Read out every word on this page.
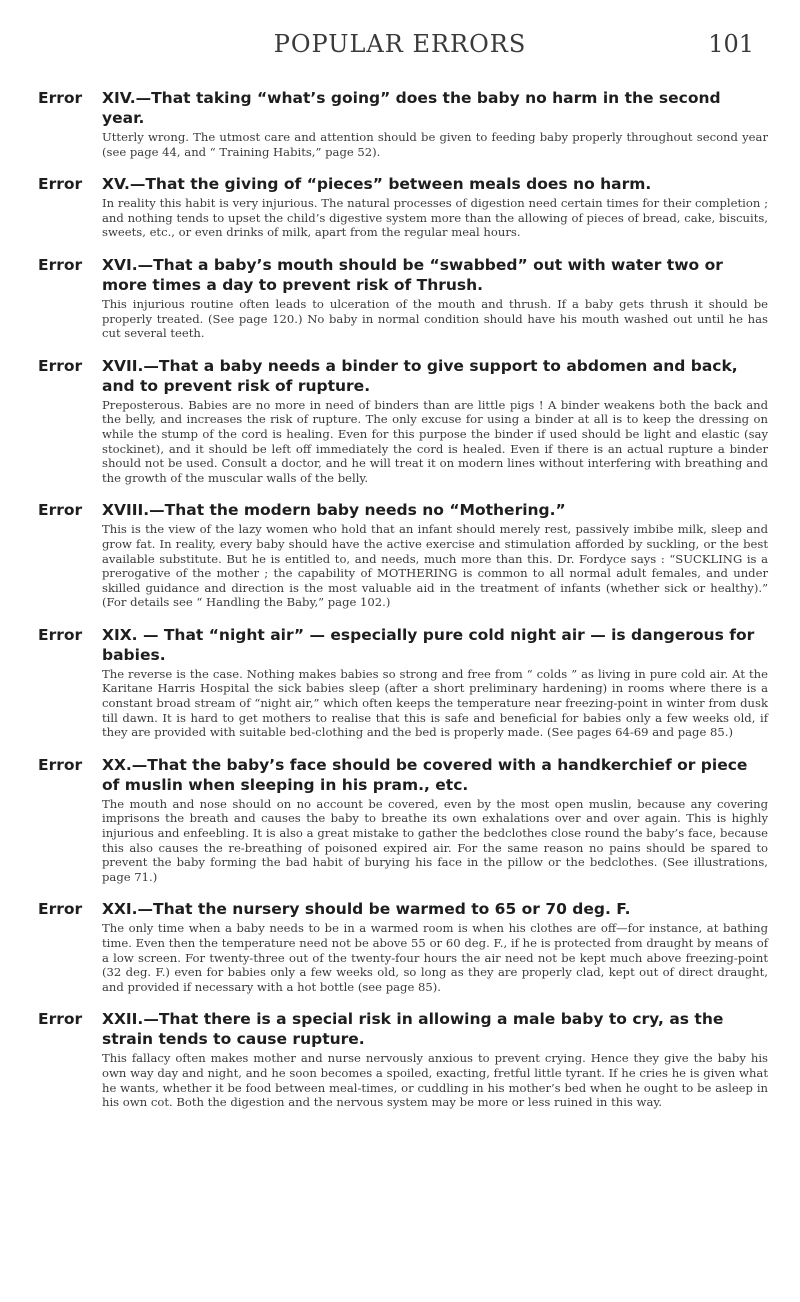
POPULAR ERRORS	101
Error	XIV.—That taking “what’s going” does the baby no harm in the second year.
Utterly wrong. The utmost care and attention should be given to feeding baby properly throughout second year (see page 44, and “ Training Habits,” page 52).
Error	XV.—That the giving of “pieces” between meals does no harm.
In reality this habit is very injurious. The natural processes of digestion need certain times for their completion ; and nothing tends to upset the child’s digestive system more than the allowing of pieces of bread, cake, biscuits, sweets, etc., or even drinks of milk, apart from the regular meal hours.
Error	XVI.—That a baby’s mouth should be “swabbed” out with water two or more times a day to prevent risk of Thrush.
This injurious routine often leads to ulceration of the mouth and thrush. If a baby gets thrush it should be properly treated. (See page 120.) No baby in normal condition should have his mouth washed out until he has cut several teeth.
Error	XVII.—That a baby needs a binder to give support to abdomen and back, and to prevent risk of rupture.
Preposterous. Babies are no more in need of binders than are little pigs ! A binder weakens both the back and the belly, and increases the risk of rupture. The only excuse for using a binder at all is to keep the dressing on while the stump of the cord is healing. Even for this purpose the binder if used should be light and elastic (say stockinet), and it should be left off immediately the cord is healed. Even if there is an actual rupture a binder should not be used. Consult a doctor, and he will treat it on modern lines without interfering with breathing and the growth of the muscular walls of the belly.
Error	XVIII.—That the modern baby needs no “Mothering.”
This is the view of the lazy women who hold that an infant should merely rest, passively imbibe milk, sleep and grow fat. In reality, every baby should have the active exercise and stimulation afforded by suckling, or the best available substitute. But he is entitled to, and needs, much more than this. Dr. Fordyce says : “SUCKLING is a prerogative of the mother ; the capability of MOTHERING is common to all normal adult females, and under skilled guidance and direction is the most valuable aid in the treatment of infants (whether sick or healthy).” (For details see “ Handling the Baby,” page 102.)
Error	XIX. — That “night air” — especially pure cold night air — is dangerous for babies.
The reverse is the case. Nothing makes babies so strong and free from “ colds ” as living in pure cold air. At the Karitane Harris Hospital the sick babies sleep (after a short preliminary hardening) in rooms where there is a constant broad stream of “night air,” which often keeps the temperature near freezing-point in winter from dusk till dawn. It is hard to get mothers to realise that this is safe and beneficial for babies only a few weeks old, if they are provided with suitable bed-clothing and the bed is properly made. (See pages 64-69 and page 85.)
Error	XX.—That the baby’s face should be covered with a handkerchief or piece of muslin when sleeping in his pram., etc.
The mouth and nose should on no account be covered, even by the most open muslin, because any covering imprisons the breath and causes the baby to breathe its own exhalations over and over again. This is highly injurious and enfeebling. It is also a great mistake to gather the bedclothes close round the baby’s face, because this also causes the re-breathing of poisoned expired air. For the same reason no pains should be spared to prevent the baby forming the bad habit of burying his face in the pillow or the bedclothes. (See illustrations, page 71.)
Error	XXI.—That the nursery should be warmed to 65 or 70 deg. F.
The only time when a baby needs to be in a warmed room is when his clothes are off—for instance, at bathing time. Even then the temperature need not be above 55 or 60 deg. F., if he is protected from draught by means of a low screen. For twenty-three out of the twenty-four hours the air need not be kept much above freezing-point (32 deg. F.) even for babies only a few weeks old, so long as they are properly clad, kept out of direct draught, and provided if necessary with a hot bottle (see page 85).
Error	XXII.—That there is a special risk in allowing a male baby to cry, as the strain tends to cause rupture.
This fallacy often makes mother and nurse nervously anxious to prevent crying. Hence they give the baby his own way day and night, and he soon becomes a spoiled, exacting, fretful little tyrant. If he cries he is given what he wants, whether it be food between meal-times, or cuddling in his mother’s bed when he ought to be asleep in his own cot. Both the digestion and the nervous system may be more or less ruined in this way.
